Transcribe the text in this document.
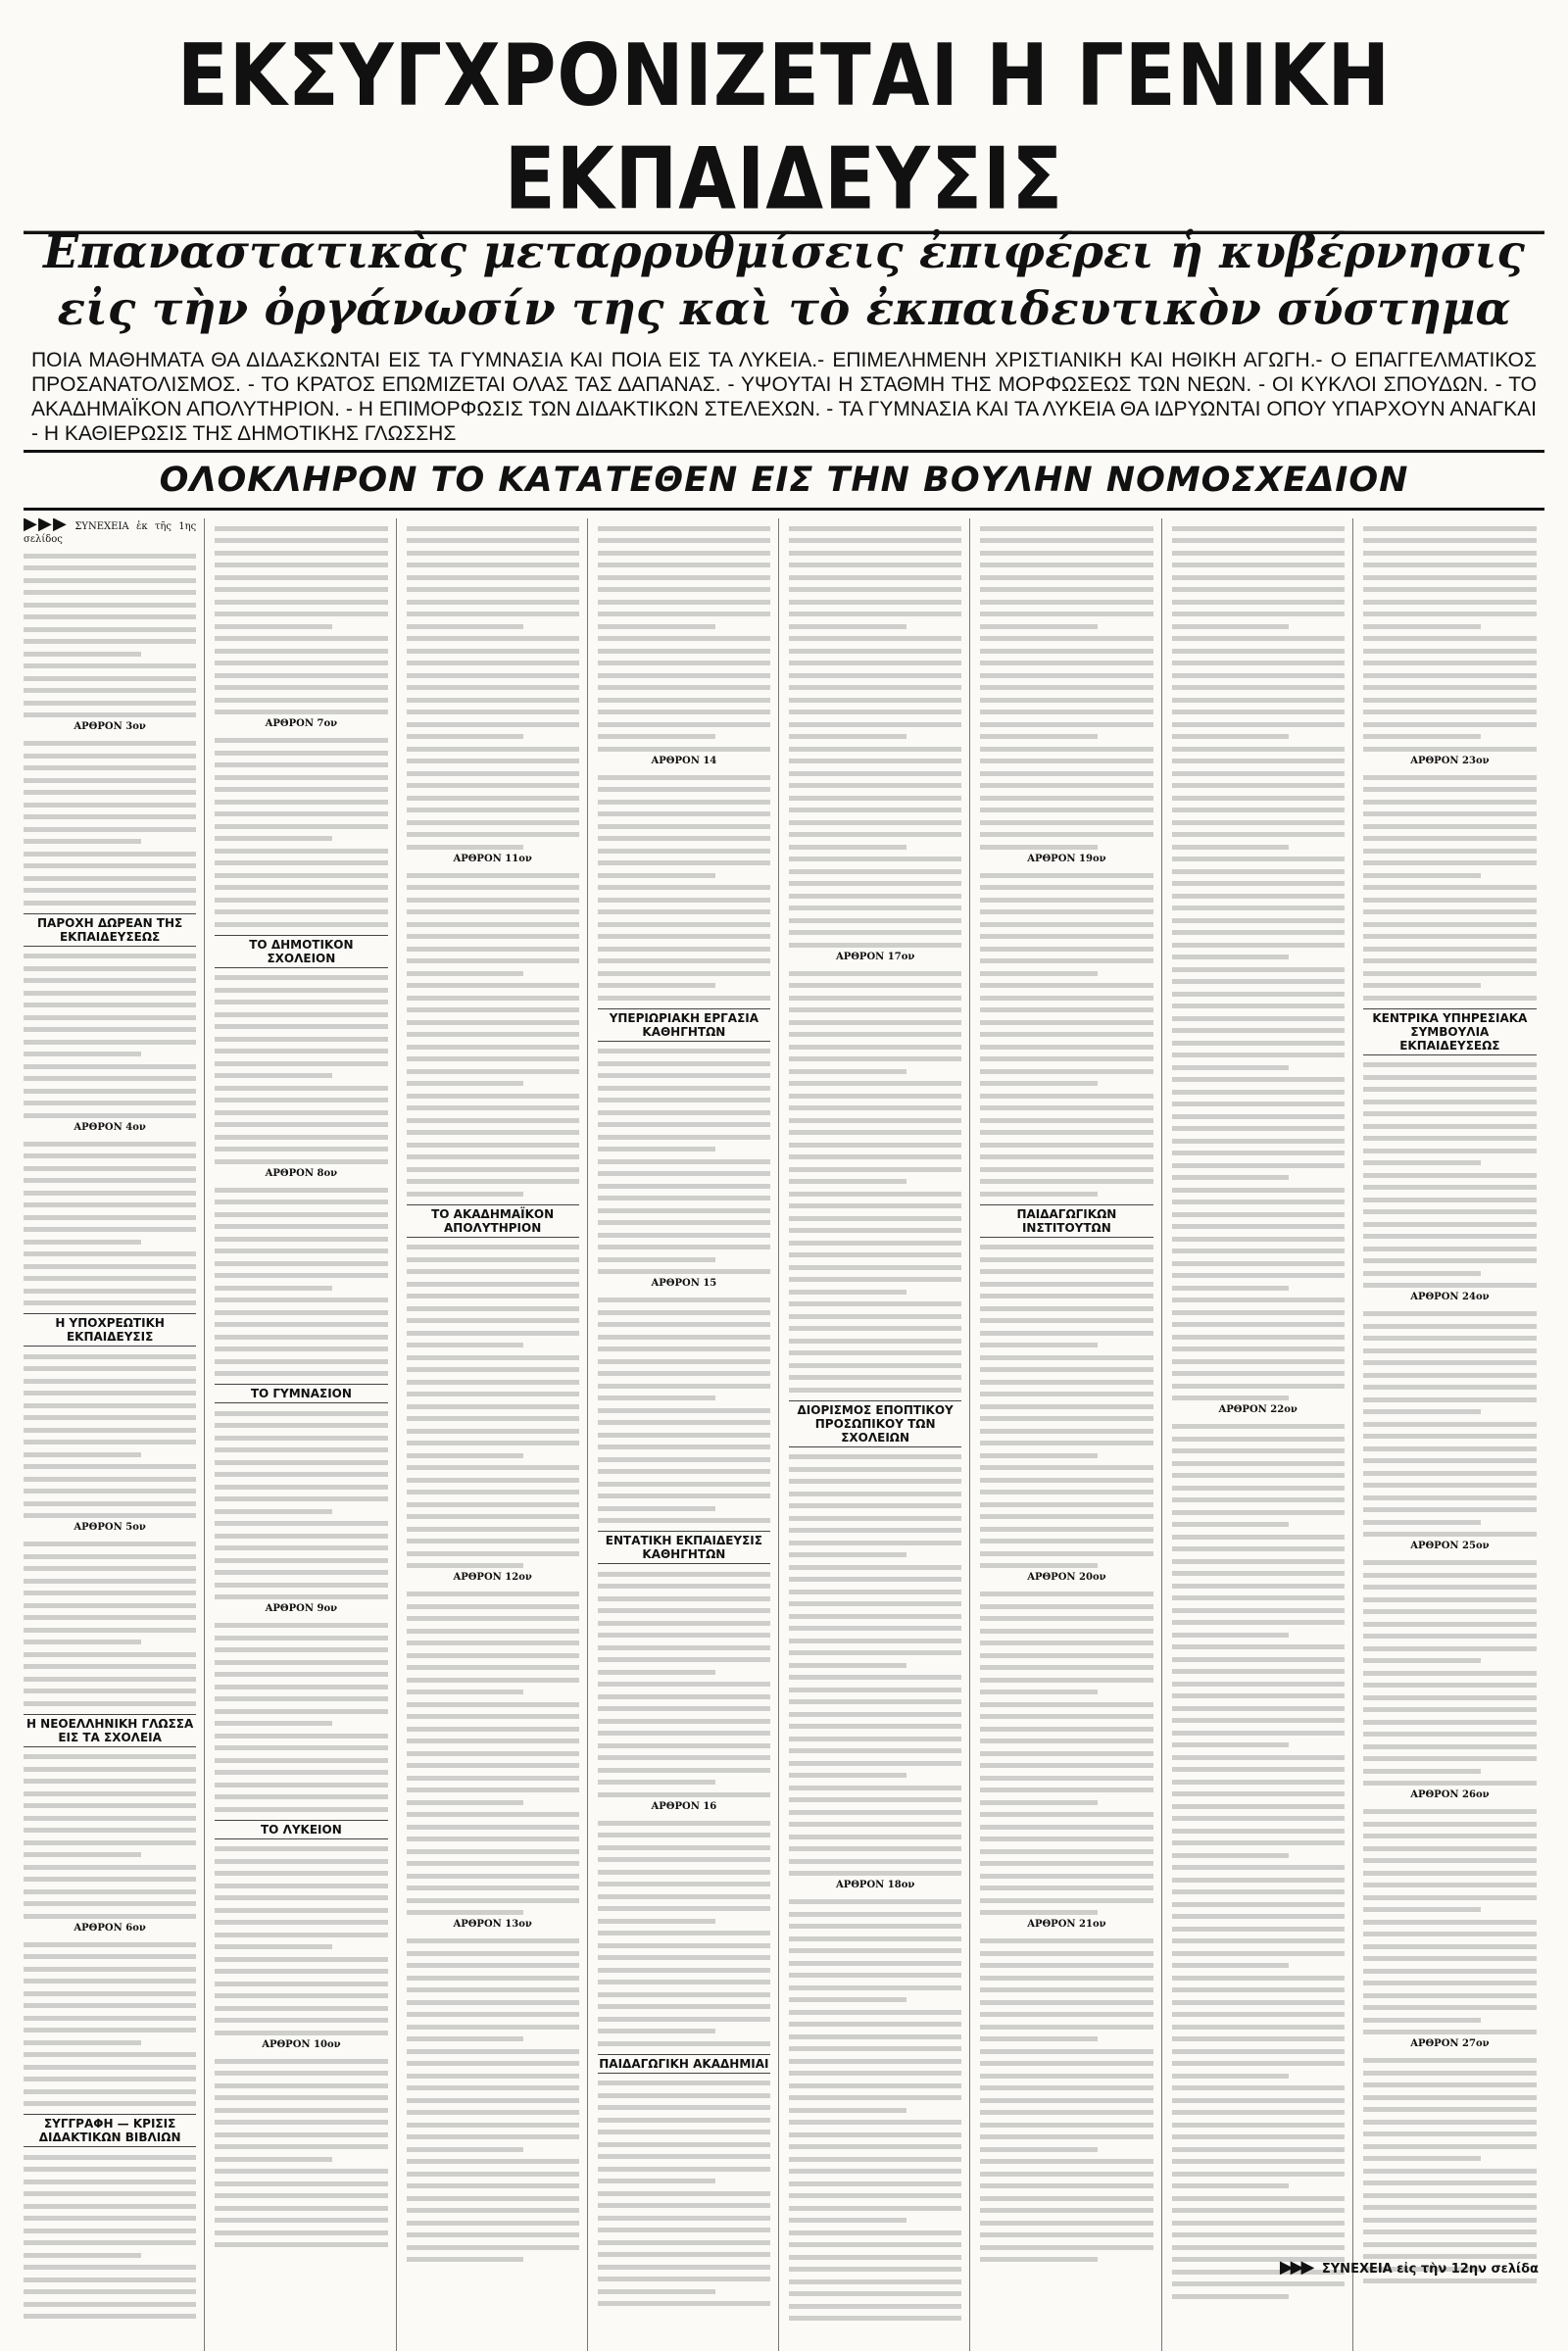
ΕΚΣΥΓΧΡΟΝΙΖΕΤΑΙ Η ΓΕΝΙΚΗ ΕΚΠΑΙΔΕΥΣΙΣ
Επαναστατικὰς μεταρρυθμίσεις ἐπιφέρει ἡ κυβέρνησις
εἰς τὴν ὀργάνωσίν της καὶ τὸ ἐκπαιδευτικὸν σύστημα

ΠΟΙΑ ΜΑΘΗΜΑΤΑ ΘΑ ΔΙΔΑΣΚΩΝΤΑΙ ΕΙΣ ΤΑ ΓΥΜΝΑΣΙΑ ΚΑΙ ΠΟΙΑ ΕΙΣ ΤΑ ΛΥΚΕΙΑ.- ΕΠΙΜΕΛΗΜΕΝΗ ΧΡΙΣΤΙΑΝΙΚΗ ΚΑΙ ΗΘΙΚΗ ΑΓΩΓΗ.- Ο ΕΠΑΓΓΕΛΜΑΤΙΚΟΣ ΠΡΟΣΑΝΑΤΟΛΙΣΜΟΣ. - ΤΟ ΚΡΑΤΟΣ ΕΠΩΜΙΖΕΤΑΙ ΟΛΑΣ ΤΑΣ ΔΑΠΑΝΑΣ. - ΥΨΟΥΤΑΙ Η ΣΤΑΘΜΗ ΤΗΣ ΜΟΡΦΩΣΕΩΣ ΤΩΝ ΝΕΩΝ. - ΟΙ ΚΥΚΛΟΙ ΣΠΟΥΔΩΝ. - ΤΟ ΑΚΑΔΗΜΑΪΚΟΝ ΑΠΟΛΥΤΗΡΙΟΝ. - Η ΕΠΙΜΟΡΦΩΣΙΣ ΤΩΝ ΔΙΔΑΚΤΙΚΩΝ ΣΤΕΛΕΧΩΝ. - ΤΑ ΓΥΜΝΑΣΙΑ ΚΑΙ ΤΑ ΛΥΚΕΙΑ ΘΑ ΙΔΡΥΩΝΤΑΙ ΟΠΟΥ ΥΠΑΡΧΟΥΝ ΑΝΑΓΚΑΙ - Η ΚΑΘΙΕΡΩΣΙΣ ΤΗΣ ΔΗΜΟΤΙΚΗΣ ΓΛΩΣΣΗΣ

ΟΛΟΚΛΗΡΟΝ ΤΟ ΚΑΤΑΤΕΘΕΝ ΕΙΣ ΤΗΝ ΒΟΥΛΗΝ ΝΟΜΟΣΧΕΔΙΟΝ
▶▶▶ ΣΥΝΕΧΕΙΑ ἐκ τῆς 1ης σελίδος
ΑΡΘΡΟΝ 3ον
ΠΑΡΟΧΗ ΔΩΡΕΑΝ ΤΗΣ ΕΚΠΑΙΔΕΥΣΕΩΣ
ΑΡΘΡΟΝ 4ον
Η ΥΠΟΧΡΕΩΤΙΚΗ ΕΚΠΑΙΔΕΥΣΙΣ
ΑΡΘΡΟΝ 5ον
Η ΝΕΟΕΛΛΗΝΙΚΗ ΓΛΩΣΣΑ ΕΙΣ ΤΑ ΣΧΟΛΕΙΑ
ΑΡΘΡΟΝ 6ον
ΣΥΓΓΡΑΦΗ — ΚΡΙΣΙΣ ΔΙΔΑΚΤΙΚΩΝ ΒΙΒΛΙΩΝ
ΑΡΘΡΟΝ 7ον
ΤΟ ΔΗΜΟΤΙΚΟΝ ΣΧΟΛΕΙΟΝ
ΑΡΘΡΟΝ 8ον
ΤΟ ΓΥΜΝΑΣΙΟΝ
ΑΡΘΡΟΝ 9ον
ΤΟ ΛΥΚΕΙΟΝ
ΑΡΘΡΟΝ 10ον
ΑΡΘΡΟΝ 11ον
ΤΟ ΑΚΑΔΗΜΑΪΚΟΝ ΑΠΟΛΥΤΗΡΙΟΝ
ΑΡΘΡΟΝ 12ον
ΑΡΘΡΟΝ 13ον
ΑΡΘΡΟΝ 14
ΥΠΕΡΙΩΡΙΑΚΗ ΕΡΓΑΣΙΑ ΚΑΘΗΓΗΤΩΝ
ΑΡΘΡΟΝ 15
ΕΝΤΑΤΙΚΗ ΕΚΠΑΙΔΕΥΣΙΣ ΚΑΘΗΓΗΤΩΝ
ΑΡΘΡΟΝ 16
ΠΑΙΔΑΓΩΓΙΚΗ ΑΚΑΔΗΜΙΑΙ
ΑΡΘΡΟΝ 17ον
ΔΙΟΡΙΣΜΟΣ ΕΠΟΠΤΙΚΟΥ ΠΡΟΣΩΠΙΚΟΥ ΤΩΝ ΣΧΟΛΕΙΩΝ
ΑΡΘΡΟΝ 18ον
ΑΡΘΡΟΝ 19ον
ΠΑΙΔΑΓΩΓΙΚΩΝ ΙΝΣΤΙΤΟΥΤΩΝ
ΑΡΘΡΟΝ 20ον
ΑΡΘΡΟΝ 21ον
ΑΡΘΡΟΝ 22ον
ΑΡΘΡΟΝ 23ον
ΚΕΝΤΡΙΚΑ ΥΠΗΡΕΣΙΑΚΑ ΣΥΜΒΟΥΛΙΑ ΕΚΠΑΙΔΕΥΣΕΩΣ
ΑΡΘΡΟΝ 24ον
ΑΡΘΡΟΝ 25ον
ΑΡΘΡΟΝ 26ον
ΑΡΘΡΟΝ 27ον
▶▶▶ ΣΥΝΕΧΕΙΑ εἰς τὴν 12ην σελίδα
